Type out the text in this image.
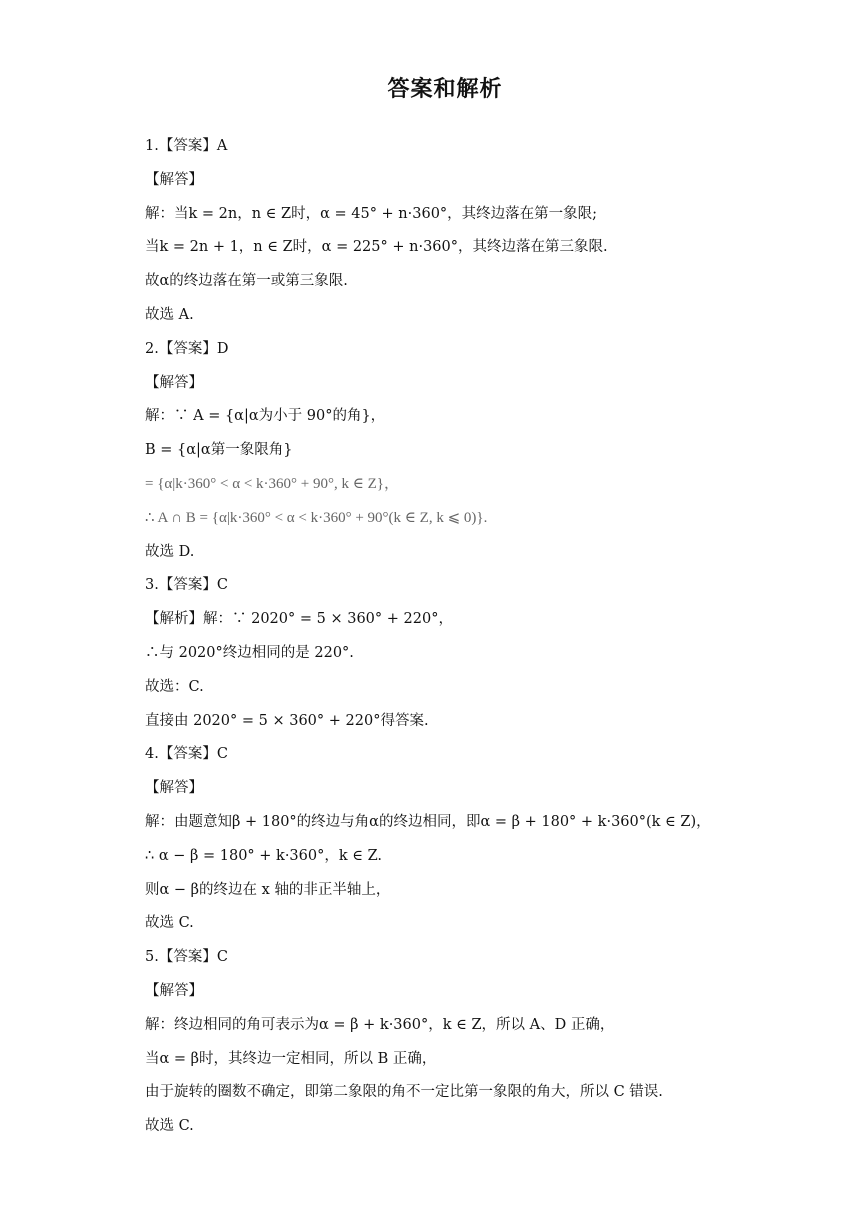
答案和解析
1.【答案】A
【解答】
解：当k = 2n，n ∈ Z时，α = 45° + n·360°，其终边落在第一象限;
当k = 2n + 1，n ∈ Z时，α = 225° + n·360°，其终边落在第三象限.
故α的终边落在第一或第三象限.
故选 A.
2.【答案】D
【解答】
解：∵ A = {α|α为小于 90°的角}，
B = {α|α第一象限角}
= {α|k·360° < α < k·360° + 90°, k ∈ Z}，
∴ A ∩ B = {α|k·360° < α < k·360° + 90°(k ∈ Z, k ⩽ 0)}.
故选 D.
3.【答案】C
【解析】解：∵ 2020° = 5 × 360° + 220°，
∴与 2020°终边相同的是 220°.
故选：C.
直接由 2020° = 5 × 360° + 220°得答案.
4.【答案】C
【解答】
解：由题意知β + 180°的终边与角α的终边相同，即α = β + 180° + k·360°(k ∈ Z)，
∴ α − β = 180° + k·360°，k ∈ Z.
则α − β的终边在 x 轴的非正半轴上，
故选 C.
5.【答案】C
【解答】
解：终边相同的角可表示为α = β + k·360°，k ∈ Z，所以 A、D 正确，
当α = β时，其终边一定相同，所以 B 正确，
由于旋转的圈数不确定，即第二象限的角不一定比第一象限的角大，所以 C 错误.
故选 C.
